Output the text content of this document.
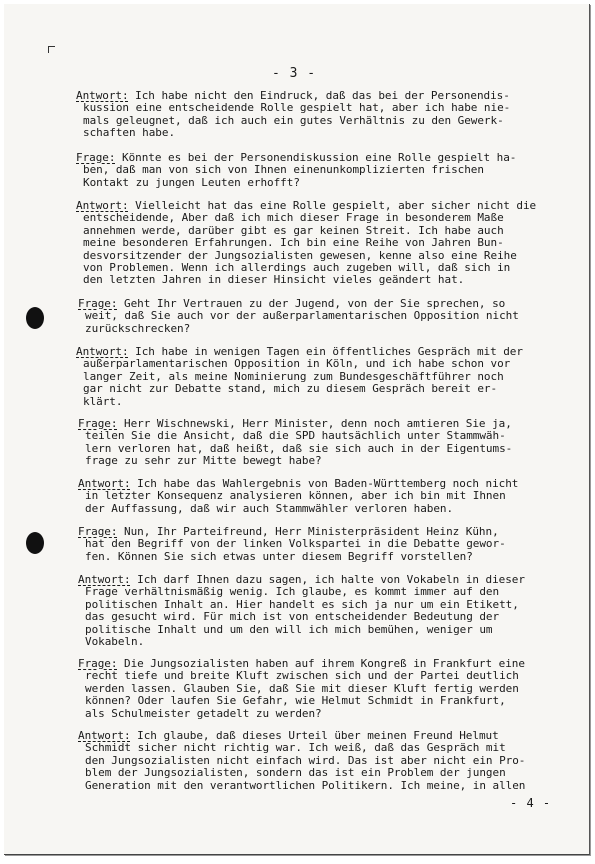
- 3 -
Antwort: Ich habe nicht den Eindruck, daß das bei der Personendis-
kussion eine entscheidende Rolle gespielt hat, aber ich habe nie-
mals geleugnet, daß ich auch ein gutes Verhältnis zu den Gewerk-
schaften habe.
Frage: Könnte es bei der Personendiskussion eine Rolle gespielt ha-
ben, daß man von sich von Ihnen einenunkomplizierten frischen
Kontakt zu jungen Leuten erhofft?
Antwort: Vielleicht hat das eine Rolle gespielt, aber sicher nicht die
entscheidende, Aber daß ich mich dieser Frage in besonderem Maße
annehmen werde, darüber gibt es gar keinen Streit. Ich habe auch
meine besonderen Erfahrungen. Ich bin eine Reihe von Jahren Bun-
desvorsitzender der Jungsozialisten gewesen, kenne also eine Reihe
von Problemen. Wenn ich allerdings auch zugeben will, daß sich in
den letzten Jahren in dieser Hinsicht vieles geändert hat.
Frage: Geht Ihr Vertrauen zu der Jugend, von der Sie sprechen, so
weit, daß Sie auch vor der außerparlamentarischen Opposition nicht
zurückschrecken?
Antwort: Ich habe in wenigen Tagen ein öffentliches Gespräch mit der
außerparlamentarischen Opposition in Köln, und ich habe schon vor
langer Zeit, als meine Nominierung zum Bundesgeschäftführer noch
gar nicht zur Debatte stand, mich zu diesem Gespräch bereit er-
klärt.
Frage: Herr Wischnewski, Herr Minister, denn noch amtieren Sie ja,
teilen Sie die Ansicht, daß die SPD hautsächlich unter Stammwäh-
lern verloren hat, daß heißt, daß sie sich auch in der Eigentums-
frage zu sehr zur Mitte bewegt habe?
Antwort: Ich habe das Wahlergebnis von Baden-Württemberg noch nicht
in letzter Konsequenz analysieren können, aber ich bin mit Ihnen
der Auffassung, daß wir auch Stammwähler verloren haben.
Frage: Nun, Ihr Parteifreund, Herr Ministerpräsident Heinz Kühn,
hat den Begriff von der linken Volkspartei in die Debatte gewor-
fen. Können Sie sich etwas unter diesem Begriff vorstellen?
Antwort: Ich darf Ihnen dazu sagen, ich halte von Vokabeln in dieser
Frage verhältnismäßig wenig. Ich glaube, es kommt immer auf den
politischen Inhalt an. Hier handelt es sich ja nur um ein Etikett,
das gesucht wird. Für mich ist von entscheidender Bedeutung der
politische Inhalt und um den will ich mich bemühen, weniger um
Vokabeln.
Frage: Die Jungsozialisten haben auf ihrem Kongreß in Frankfurt eine
recht tiefe und breite Kluft zwischen sich und der Partei deutlich
werden lassen. Glauben Sie, daß Sie mit dieser Kluft fertig werden
können? Oder laufen Sie Gefahr, wie Helmut Schmidt in Frankfurt,
als Schulmeister getadelt zu werden?
Antwort: Ich glaube, daß dieses Urteil über meinen Freund Helmut
Schmidt sicher nicht richtig war. Ich weiß, daß das Gespräch mit
den Jungsozialisten nicht einfach wird. Das ist aber nicht ein Pro-
blem der Jungsozialisten, sondern das ist ein Problem der jungen
Generation mit den verantwortlichen Politikern. Ich meine, in allen
- 4 -
